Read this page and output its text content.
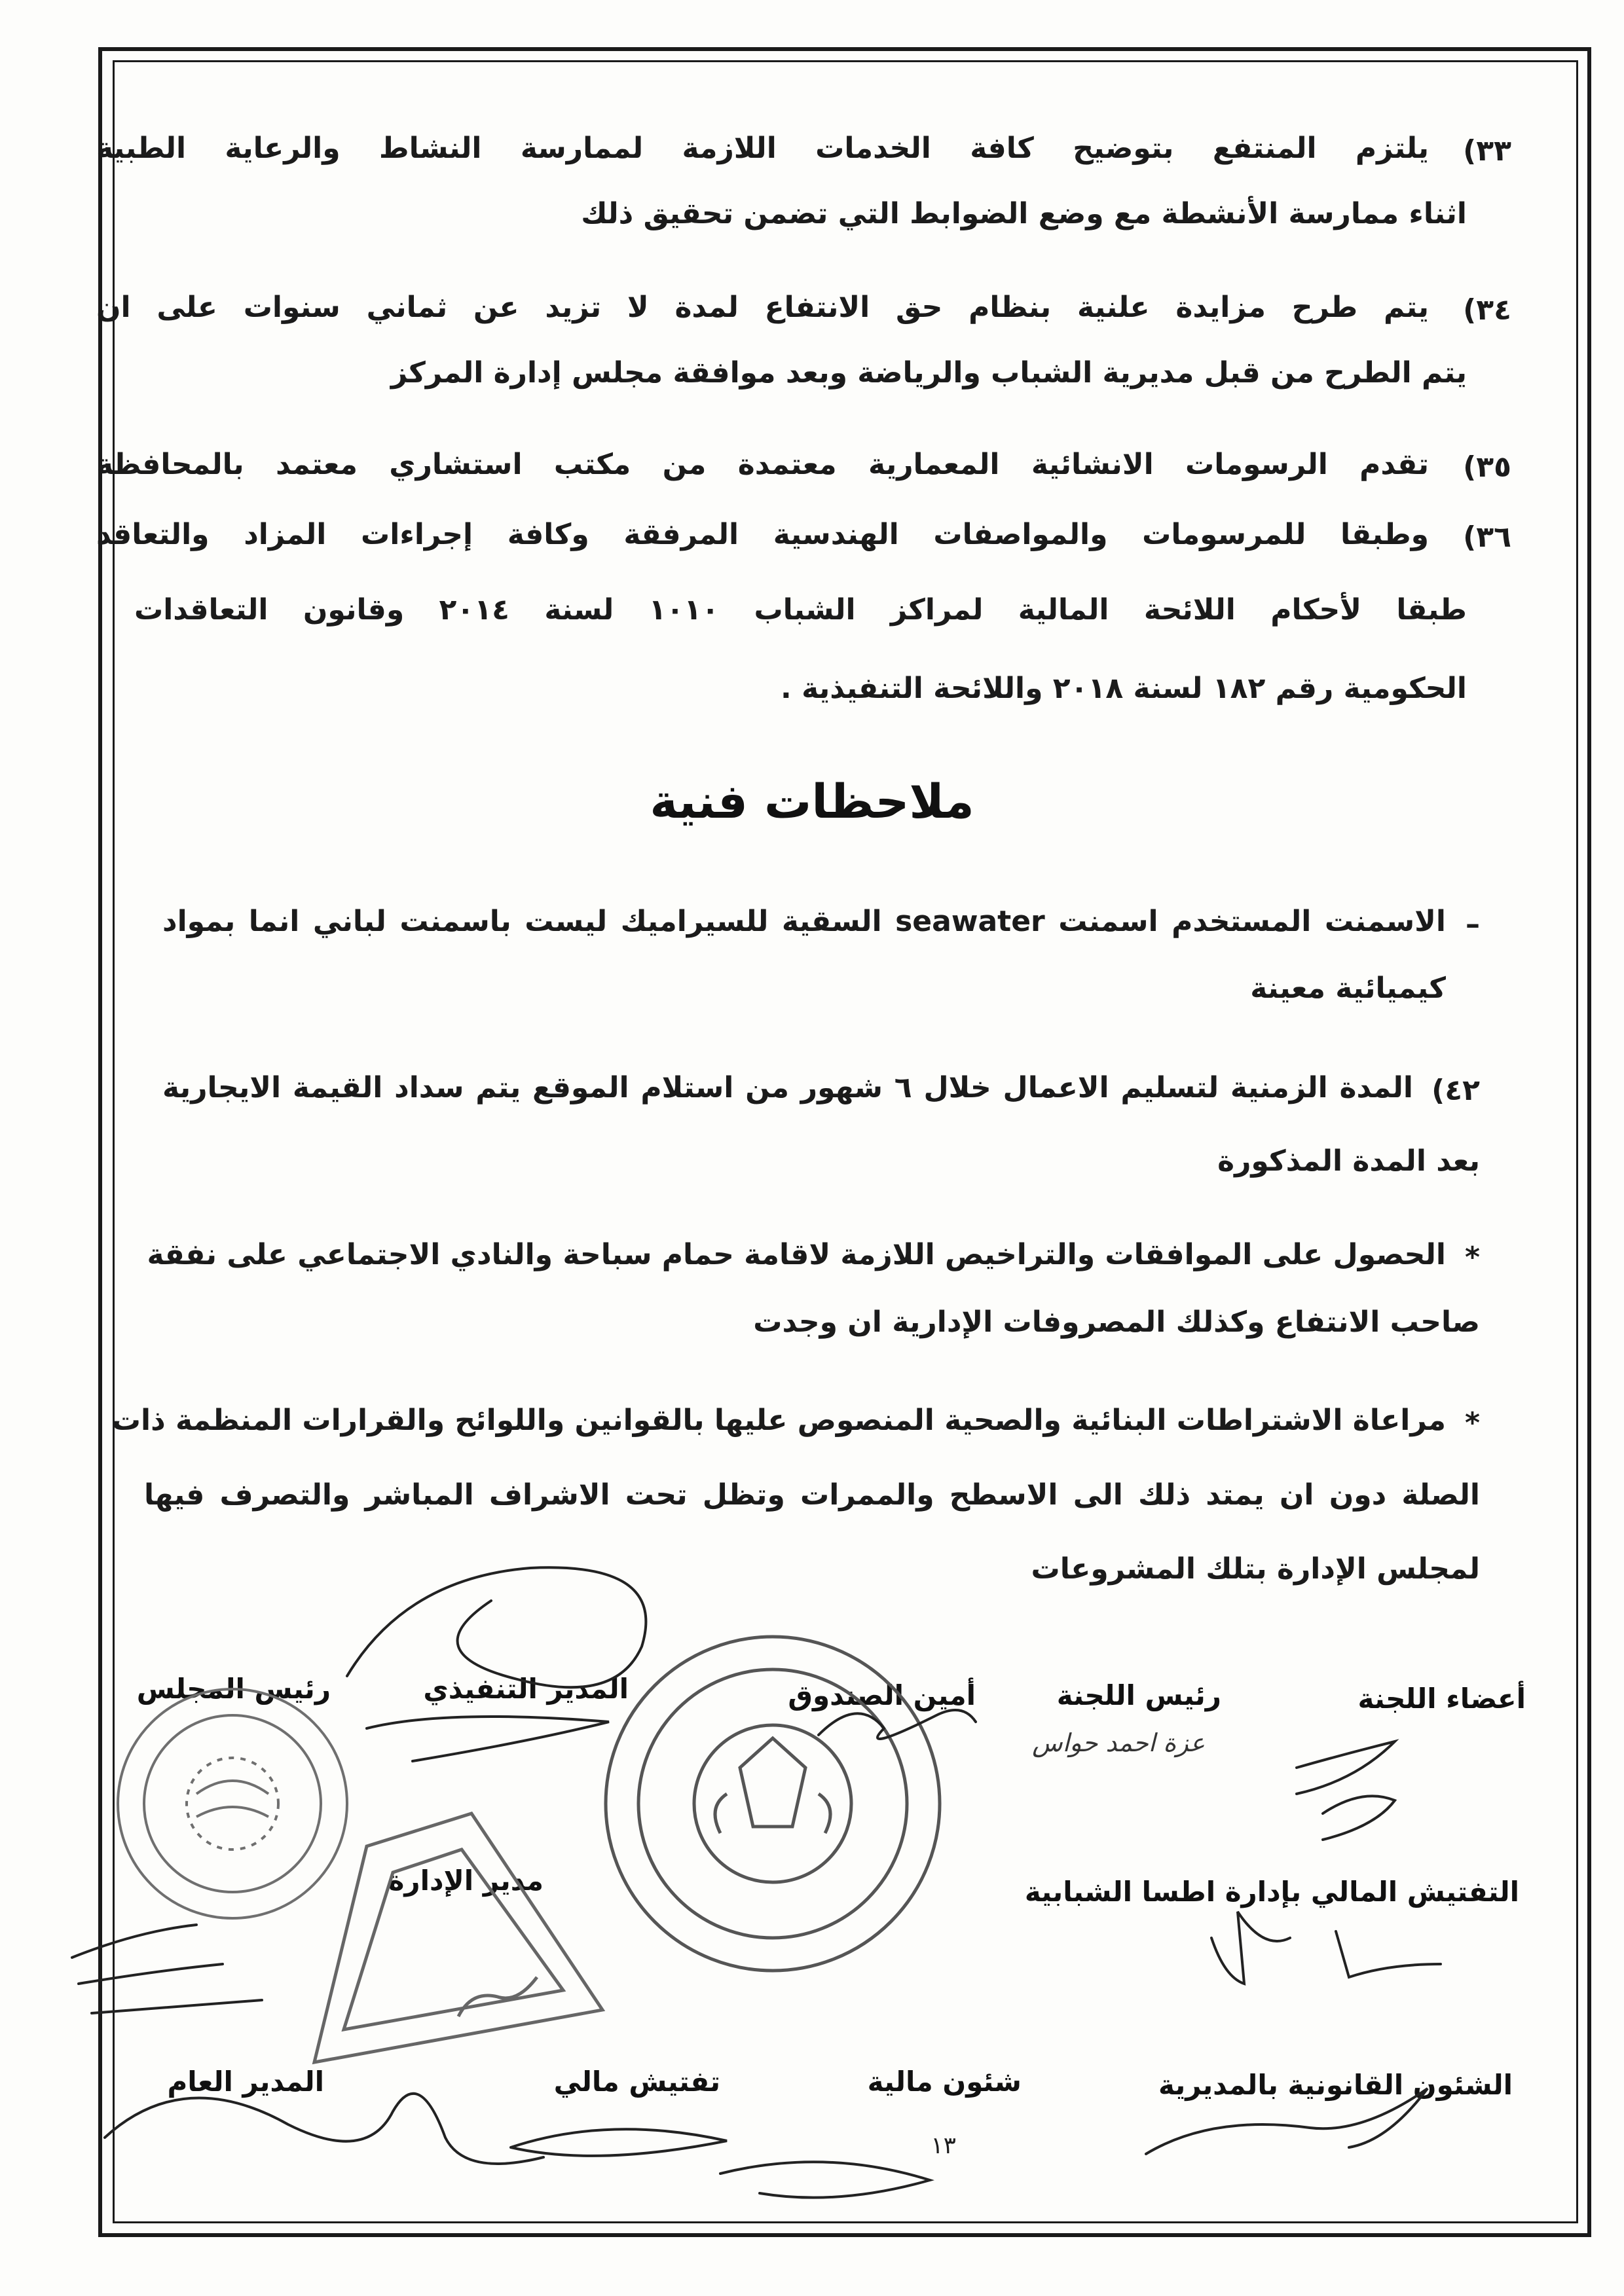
٣٣)
يلتزم المنتفع بتوضيح كافة الخدمات اللازمة لممارسة النشاط والرعاية الطبية
اثناء ممارسة الأنشطة مع وضع الضوابط التي تضمن تحقيق ذلك
٣٤)
يتم طرح مزايدة علنية بنظام حق الانتفاع لمدة لا تزيد عن ثماني سنوات على ان
يتم الطرح من قبل مديرية الشباب والرياضة وبعد موافقة مجلس إدارة المركز
٣٥)
تقدم الرسومات الانشائية المعمارية معتمدة من مكتب استشاري معتمد بالمحافظة
٣٦)
وطبقا للمرسومات والمواصفات الهندسية المرفقة وكافة إجراءات المزاد والتعاقد
طبقا لأحكام اللائحة المالية لمراكز الشباب ١٠١٠ لسنة ٢٠١٤ وقانون التعاقدات
الحكومية رقم ١٨٢ لسنة ٢٠١٨ واللائحة التنفيذية .
ملاحظات فنية
–
الاسمنت المستخدم اسمنت seawater السقية للسيراميك ليست باسمنت لباني انما بمواد
كيميائية معينة
٤٢)
المدة الزمنية لتسليم الاعمال خلال ٦ شهور من استلام الموقع يتم سداد القيمة الايجارية
بعد المدة المذكورة
*
الحصول على الموافقات والتراخيص اللازمة لاقامة حمام سباحة والنادي الاجتماعي على نفقة
صاحب الانتفاع وكذلك المصروفات الإدارية ان وجدت
*
مراعاة الاشتراطات البنائية والصحية المنصوص عليها بالقوانين واللوائح والقرارات المنظمة ذات
الصلة دون ان يمتد ذلك الى الاسطح والممرات وتظل تحت الاشراف المباشر والتصرف فيها
لمجلس الإدارة بتلك المشروعات
أعضاء اللجنة
رئيس اللجنة
أمين الصندوق
المدير التنفيذي
رئيس المجلس
عزة احمد حواس
التفتيش المالي بإدارة اطسا الشبابية
مدير الإدارة
الشئون القانونية بالمديرية
شئون مالية
تفتيش مالي
المدير العام
١٣
